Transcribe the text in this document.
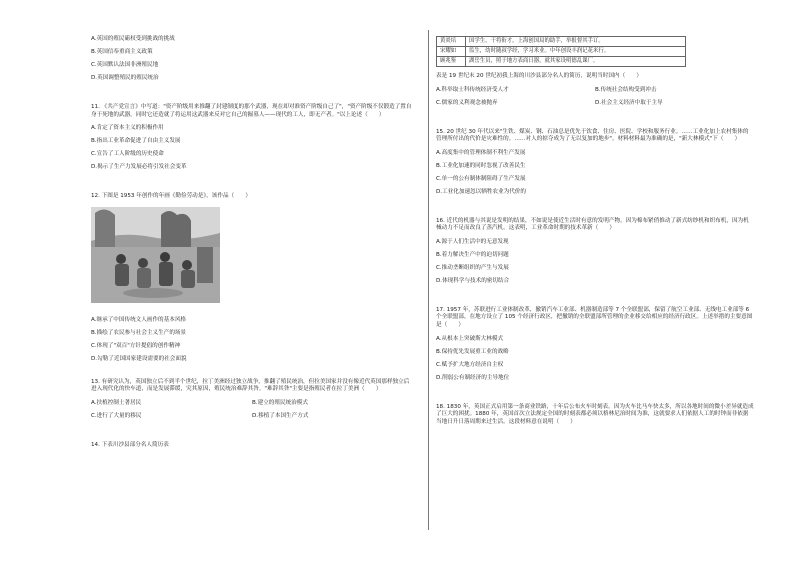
A.英国的殖民霸权受到挑战的挑战
B.英国信奉重商主义政策
C.英国默认法国非洲殖民地
D.英国调整殖民的殖民统治
11. 《共产党宣言》中写道："资产阶级用来推翻了封建制度的那个武器，现在却对准资产阶级自己了"，"资产阶级不仅锻造了置自身于死地的武器，同时它还造就了将运用这武器来反对它自己的掘墓人——现代的工人，即无产者。"以上论述（　　）
A.肯定了资本主义的积极作用
B.指出工业革命促进了自由主义发展
C.宣告了工人阶级的历史使命
D.揭示了生产力发展必将引发社会变革
12. 下图是 1953 年创作的年画《勤俭劳动是》，该作品（　　）
A.继承了中国传统文人画作的基本风格
B.描绘了农民参与社会主义生产的场景
C.体现了"双百"方针提倡的创作精神
D.勾勒了近国国家建设需要的社会面貌
13. 有研究认为，英国独立后不到半个世纪，拉丁美洲经过独立战争，推翻了殖民统治，但拉美国家并没有像近代英国那样独立后进入现代化的快车道，而是发展滞缓，究其原因，殖民统治难辞其咎。"难辞其咎"主要是指殖民者在拉丁美洲（　　）
A.扶植控制土著居民	B.建立的殖民统治模式
C.进行了大量的移民	D.移植了本国生产方式
14. 下表川沙县部分名人简历表
黄炎培	国学生。干将衔才，上海创国局的助手，举报督其手订。
宋耀如	监生，幼时随叔学经，学习米业。中年创设丰润记花米行。
顾兆鉴	湖岳生员，照于地方表商日器，就其家设明德乱课厂。
表是 19 世纪末 20 世纪初我上海的川沙县部分名人的简历，说明当时国内（　　）
A.科举取士科传统经济受人才	B.传统社会结构受到冲击
C.儒家的义利观念被抛弃	D.社会主义经济中取于主导
15. 20 世纪 30 年代以来"生铁、煤炭、钢、石油总是优先于饮食、住房、医院、学校和服务行业。……工业化加上农村集体的管理所付出的代价是灾难性的。……对人的掠夺成为了无以复加的地步"。材料材料最为准确的是，"新大林模式"下（　　）
A.高度集中的管理体制不利生产发展
B.工业化加速的同时忽视了改善民生
C.单一的公有制体制阻碍了生产发展
D.工业化加速忽以牺牲农业为代价的
16. 近代的机器与其说是发明的结果，不如说是使近生活时有意的发明产物。因为棉布紧俏推动了新式纺纱机和织布机，因为机械动力不足而改良了蒸汽机。这表明，工业革命时期的技术革新（　　）
A.源于人们生活中的无意发现
B.着力解决生产中的迫切问题
C.推动垄断组织的产生与发展
D.体现科学与技术的密切结合
17. 1957 年，苏联进行工业体制改革，撤销汽车工业部、机器制造部等 7 个全联盟部，保留了航空工业部、无线电工业部等 6 个全联盟部，在地方设立了 105 个经济行政区，把撤销的全联盟部所管理的企业移交给相应的经济行政区。上述举措的主要意图是（　　）
A.从根本上突破斯大林模式
B.保持优先发展重工业的战略
C.赋予扩大地方经济自主权
D.削弱公有制经济的主导地位
18. 1830 年，英国正式启用第一条商业铁路，十年后公布火车时刻表。因为火车比马车快太多，所以各地时间的微小差异就造成了巨大的困扰。1880 年，英国首次立法规定全国的时刻表都必须以格林尼治时间为准，这就要求人们依据人工的时钟而非依据当地日升日落周期来过生活。这段材料意在说明（　　）
